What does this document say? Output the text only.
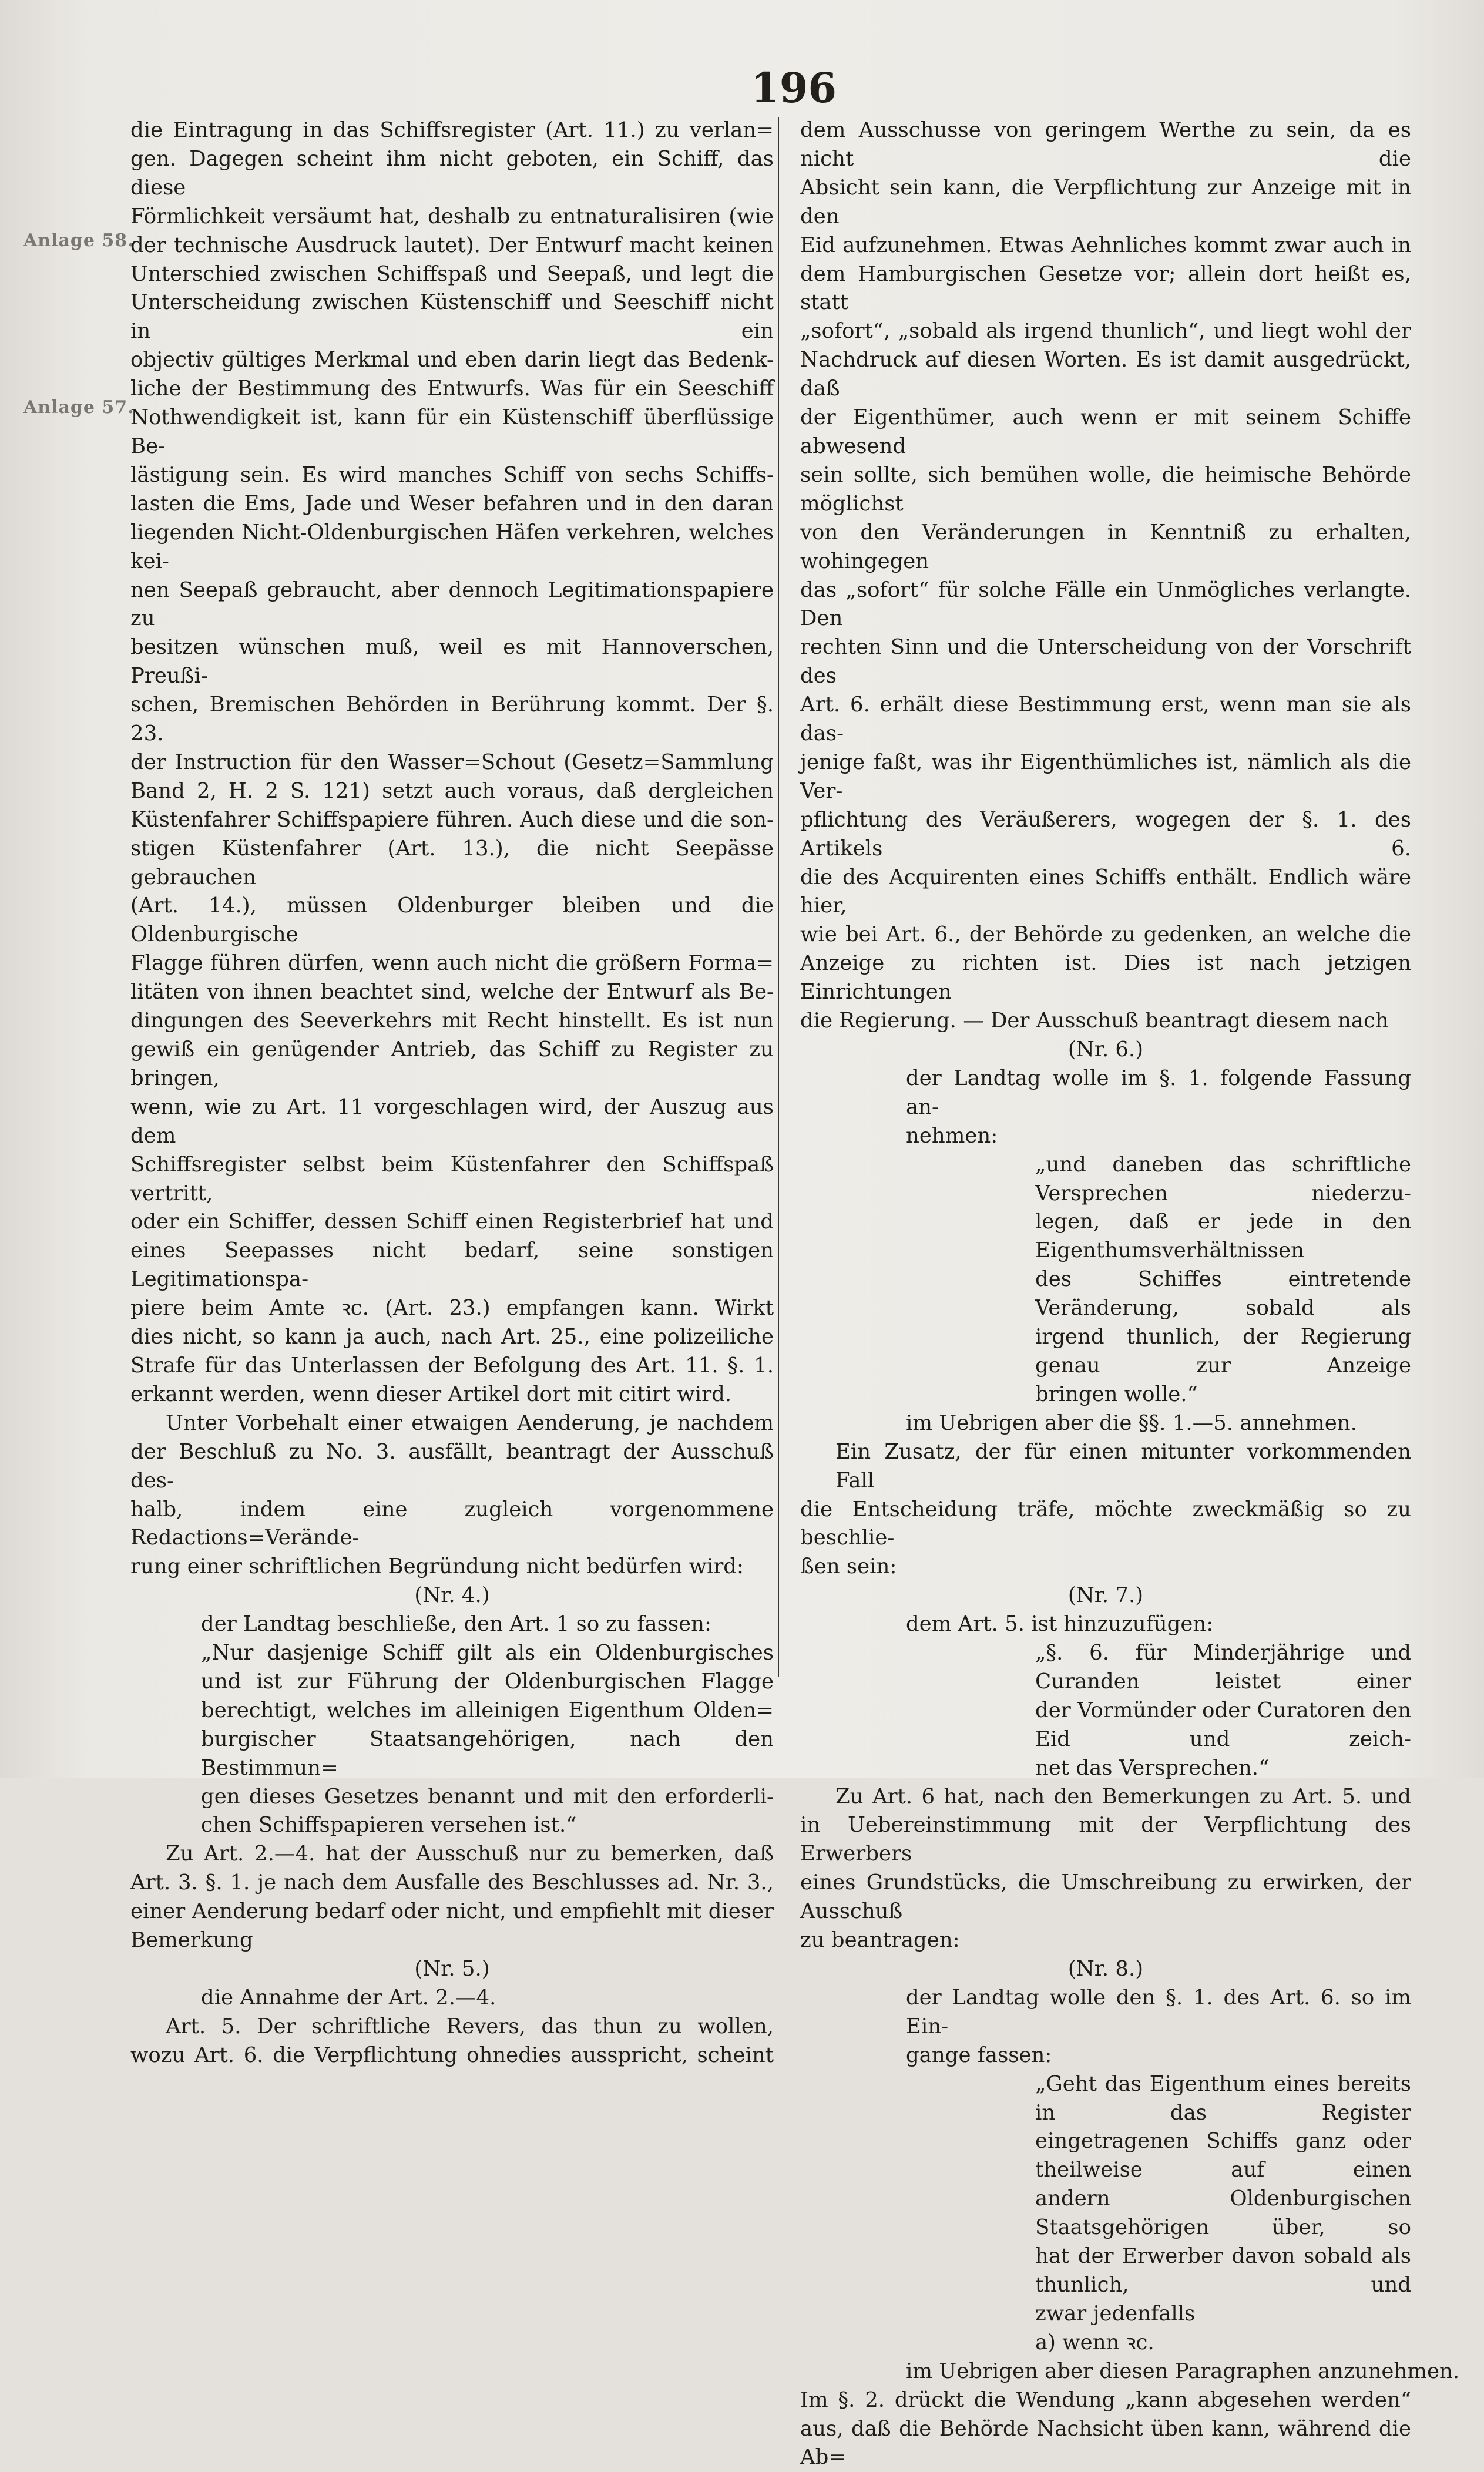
Anlage 58.
Anlage 57.
196
die Eintragung in das Schiffsregister (Art. 11.) zu verlan=
gen. Dagegen scheint ihm nicht geboten, ein Schiff, das diese
Förmlichkeit versäumt hat, deshalb zu entnaturalisiren (wie
der technische Ausdruck lautet). Der Entwurf macht keinen
Unterschied zwischen Schiffspaß und Seepaß, und legt die
Unterscheidung zwischen Küstenschiff und Seeschiff nicht in ein
objectiv gültiges Merkmal und eben darin liegt das Bedenk-
liche der Bestimmung des Entwurfs. Was für ein Seeschiff
Nothwendigkeit ist, kann für ein Küstenschiff überflüssige Be-
lästigung sein. Es wird manches Schiff von sechs Schiffs-
lasten die Ems, Jade und Weser befahren und in den daran
liegenden Nicht-Oldenburgischen Häfen verkehren, welches kei-
nen Seepaß gebraucht, aber dennoch Legitimationspapiere zu
besitzen wünschen muß, weil es mit Hannoverschen, Preußi-
schen, Bremischen Behörden in Berührung kommt. Der §. 23.
der Instruction für den Wasser=Schout (Gesetz=Sammlung
Band 2, H. 2 S. 121) setzt auch voraus, daß dergleichen
Küstenfahrer Schiffspapiere führen. Auch diese und die son-
stigen Küstenfahrer (Art. 13.), die nicht Seepässe gebrauchen
(Art. 14.), müssen Oldenburger bleiben und die Oldenburgische
Flagge führen dürfen, wenn auch nicht die größern Forma=
litäten von ihnen beachtet sind, welche der Entwurf als Be-
dingungen des Seeverkehrs mit Recht hinstellt. Es ist nun
gewiß ein genügender Antrieb, das Schiff zu Register zu bringen,
wenn, wie zu Art. 11 vorgeschlagen wird, der Auszug aus dem
Schiffsregister selbst beim Küstenfahrer den Schiffspaß vertritt,
oder ein Schiffer, dessen Schiff einen Registerbrief hat und
eines Seepasses nicht bedarf, seine sonstigen Legitimationspa-
piere beim Amte ꝛc. (Art. 23.) empfangen kann. Wirkt
dies nicht, so kann ja auch, nach Art. 25., eine polizeiliche
Strafe für das Unterlassen der Befolgung des Art. 11. §. 1.
erkannt werden, wenn dieser Artikel dort mit citirt wird.
Unter Vorbehalt einer etwaigen Aenderung, je nachdem
der Beschluß zu No. 3. ausfällt, beantragt der Ausschuß des-
halb, indem eine zugleich vorgenommene Redactions=Verände-
rung einer schriftlichen Begründung nicht bedürfen wird:
(Nr. 4.)
der Landtag beschließe, den Art. 1 so zu fassen:
„Nur dasjenige Schiff gilt als ein Oldenburgisches
und ist zur Führung der Oldenburgischen Flagge
berechtigt, welches im alleinigen Eigenthum Olden=
burgischer Staatsangehörigen, nach den Bestimmun=
gen dieses Gesetzes benannt und mit den erforderli-
chen Schiffspapieren versehen ist.“
Zu Art. 2.—4. hat der Ausschuß nur zu bemerken, daß
Art. 3. §. 1. je nach dem Ausfalle des Beschlusses ad. Nr. 3.,
einer Aenderung bedarf oder nicht, und empfiehlt mit dieser
Bemerkung
(Nr. 5.)
die Annahme der Art. 2.—4.
Art. 5. Der schriftliche Revers, das thun zu wollen,
wozu Art. 6. die Verpflichtung ohnedies ausspricht, scheint
dem Ausschusse von geringem Werthe zu sein, da es nicht die
Absicht sein kann, die Verpflichtung zur Anzeige mit in den
Eid aufzunehmen. Etwas Aehnliches kommt zwar auch in
dem Hamburgischen Gesetze vor; allein dort heißt es, statt
„sofort“, „sobald als irgend thunlich“, und liegt wohl der
Nachdruck auf diesen Worten. Es ist damit ausgedrückt, daß
der Eigenthümer, auch wenn er mit seinem Schiffe abwesend
sein sollte, sich bemühen wolle, die heimische Behörde möglichst
von den Veränderungen in Kenntniß zu erhalten, wohingegen
das „sofort“ für solche Fälle ein Unmögliches verlangte. Den
rechten Sinn und die Unterscheidung von der Vorschrift des
Art. 6. erhält diese Bestimmung erst, wenn man sie als das-
jenige faßt, was ihr Eigenthümliches ist, nämlich als die Ver-
pflichtung des Veräußerers, wogegen der §. 1. des Artikels 6.
die des Acquirenten eines Schiffs enthält. Endlich wäre hier,
wie bei Art. 6., der Behörde zu gedenken, an welche die
Anzeige zu richten ist. Dies ist nach jetzigen Einrichtungen
die Regierung. — Der Ausschuß beantragt diesem nach
(Nr. 6.)
der Landtag wolle im §. 1. folgende Fassung an-
nehmen:
„und daneben das schriftliche Versprechen niederzu-
legen, daß er jede in den Eigenthumsverhältnissen
des Schiffes eintretende Veränderung, sobald als
irgend thunlich, der Regierung genau zur Anzeige
bringen wolle.“
im Uebrigen aber die §§. 1.—5. annehmen.
Ein Zusatz, der für einen mitunter vorkommenden Fall
die Entscheidung träfe, möchte zweckmäßig so zu beschlie-
ßen sein:
(Nr. 7.)
dem Art. 5. ist hinzuzufügen:
„§. 6. für Minderjährige und Curanden leistet einer
der Vormünder oder Curatoren den Eid und zeich-
net das Versprechen.“
Zu Art. 6 hat, nach den Bemerkungen zu Art. 5. und
in Uebereinstimmung mit der Verpflichtung des Erwerbers
eines Grundstücks, die Umschreibung zu erwirken, der Ausschuß
zu beantragen:
(Nr. 8.)
der Landtag wolle den §. 1. des Art. 6. so im Ein-
gange fassen:
„Geht das Eigenthum eines bereits in das Register
eingetragenen Schiffs ganz oder theilweise auf einen
andern Oldenburgischen Staatsgehörigen über, so
hat der Erwerber davon sobald als thunlich, und
zwar jedenfalls
a) wenn ꝛc.
im Uebrigen aber diesen Paragraphen anzunehmen.
Im §. 2. drückt die Wendung „kann abgesehen werden“
aus, daß die Behörde Nachsicht üben kann, während die Ab=
